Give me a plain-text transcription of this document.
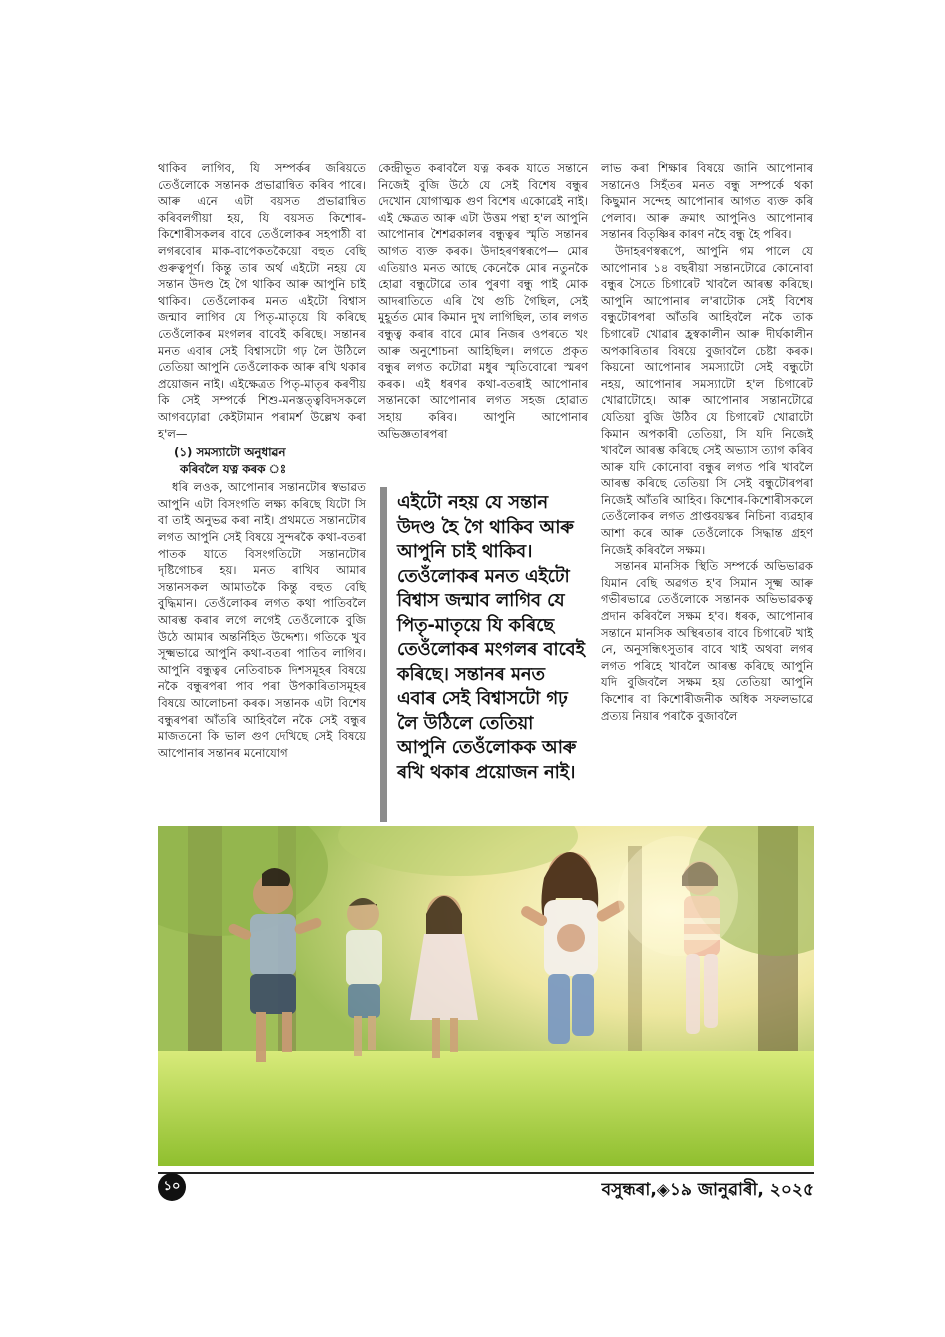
থাকিব লাগিব, যি সম্পৰ্কৰ জৰিয়তে তেওঁলোকে সন্তানক প্ৰভাৱান্বিত কৰিব পাৰে। আৰু এনে এটা বয়সত প্ৰভাৱান্বিত কৰিবলগীয়া হয়, যি বয়সত কিশোৰ-কিশোৰীসকলৰ বাবে তেওঁলোকৰ সহপাঠী বা লগৰবোৰ মাক-বাপেকতকৈয়ো বহুত বেছি গুৰুত্বপূৰ্ণ। কিন্তু তাৰ অৰ্থ এইটো নহয় যে সন্তান উদণ্ড হৈ গৈ থাকিব আৰু আপুনি চাই থাকিব। তেওঁলোকৰ মনত এইটো বিশ্বাস জন্মাব লাগিব যে পিতৃ-মাতৃয়ে যি কৰিছে তেওঁলোকৰ মংগলৰ বাবেই কৰিছে। সন্তানৰ মনত এবাৰ সেই বিশ্বাসটো গঢ় লৈ উঠিলে তেতিয়া আপুনি তেওঁলোকক আৰু ৰখি থকাৰ প্ৰয়োজন নাই। এইক্ষেত্ৰত পিতৃ-মাতৃৰ কৰণীয় কি সেই সম্পৰ্কে শিশু-মনস্তত্ত্ববিদসকলে আগবঢ়োৱা কেইটামান পৰামৰ্শ উল্লেখ কৰা হ'ল—

(১) সমস্যাটো অনুধাৱন
কৰিবলৈ যত্ন কৰক ঃ

ধৰি লওক, আপোনাৰ সন্তানটোৰ স্বভাৱত আপুনি এটা বিসংগতি লক্ষ্য কৰিছে যিটো সি বা তাই অনুভৱ কৰা নাই। প্ৰথমতে সন্তানটোৰ লগত আপুনি সেই বিষয়ে সুন্দৰকৈ কথা-বতৰা পাতক যাতে বিসংগতিটো সন্তানটোৰ দৃষ্টিগোচৰ হয়। মনত ৰাখিব আমাৰ সন্তানসকল আমাতকৈ কিন্তু বহুত বেছি বুদ্ধিমান। তেওঁলোকৰ লগত কথা পাতিবলৈ আৰম্ভ কৰাৰ লগে লগেই তেওঁলোকে বুজি উঠে আমাৰ অন্তৰ্নিহিত উদ্দেশ্য। গতিকে খুব সূক্ষ্মভাৱে আপুনি কথা-বতৰা পাতিব লাগিব। আপুনি বন্ধুত্বৰ নেতিবাচক দিশসমূহৰ বিষয়ে নকৈ বন্ধুৰপৰা পাব পৰা উপকাৰিতাসমূহৰ বিষয়ে আলোচনা কৰক। সন্তানক এটা বিশেষ বন্ধুৰপৰা আঁতৰি আহিবলৈ নকৈ সেই বন্ধুৰ মাজতনো কি ভাল গুণ দেখিছে সেই বিষয়ে আপোনাৰ সন্তানৰ মনোযোগ

কেন্দ্ৰীভূত কৰাবলৈ যত্ন কৰক যাতে সন্তানে নিজেই বুজি উঠে যে সেই বিশেষ বন্ধুৰ দেখোন যোগাত্মক গুণ বিশেষ একোৱেই নাই। এই ক্ষেত্ৰত আৰু এটা উত্তম পন্থা হ'ল আপুনি আপোনাৰ শৈশৱকালৰ বন্ধুত্বৰ স্মৃতি সন্তানৰ আগত ব্যক্ত কৰক। উদাহৰণস্বৰূপে— মোৰ এতিয়াও মনত আছে কেনেকৈ মোৰ নতুনকৈ হোৱা বন্ধুটোৱে তাৰ পুৰণা বন্ধু পাই মোক আদৰাতিতে এৰি থৈ গুচি গৈছিল, সেই মুহূৰ্তত মোৰ কিমান দুখ লাগিছিল, তাৰ লগত বন্ধুত্ব কৰাৰ বাবে মোৰ নিজৰ ওপৰতে খং আৰু অনুশোচনা আহিছিল। লগতে প্ৰকৃত বন্ধুৰ লগত কটোৱা মধুৰ স্মৃতিবোৰো স্মৰণ কৰক। এই ধৰণৰ কথা-বতৰাই আপোনাৰ সন্তানকো আপোনাৰ লগত সহজ হোৱাত সহায় কৰিব। আপুনি আপোনাৰ অভিজ্ঞতাৰপৰা

এইটো নহয় যে সন্তান উদণ্ড হৈ গৈ থাকিব আৰু আপুনি চাই থাকিব। তেওঁলোকৰ মনত এইটো বিশ্বাস জন্মাব লাগিব যে পিতৃ-মাতৃয়ে যি কৰিছে তেওঁলোকৰ মংগলৰ বাবেই কৰিছে। সন্তানৰ মনত এবাৰ সেই বিশ্বাসটো গঢ় লৈ উঠিলে তেতিয়া আপুনি তেওঁলোকক আৰু ৰখি থকাৰ প্ৰয়োজন নাই।

লাভ কৰা শিক্ষাৰ বিষয়ে জানি আপোনাৰ সন্তানেও সিহঁতৰ মনত বন্ধু সম্পৰ্কে থকা কিছুমান সন্দেহ আপোনাৰ আগত ব্যক্ত কৰি পেলাব। আৰু ক্ৰমাৎ আপুনিও আপোনাৰ সন্তানৰ বিতৃষ্ণিৰ কাৰণ নহৈ বন্ধু হৈ পৰিব।

উদাহৰণস্বৰূপে, আপুনি গম পালে যে আপোনাৰ ১৪ বছৰীয়া সন্তানটোৱে কোনোবা বন্ধুৰ সৈতে চিগাৰেট খাবলৈ আৰম্ভ কৰিছে। আপুনি আপোনাৰ ল'ৰাটোক সেই বিশেষ বন্ধুটোৰপৰা আঁতৰি আহিবলৈ নকৈ তাক চিগাৰেট খোৱাৰ হ্ৰস্বকালীন আৰু দীৰ্ঘকালীন অপকাৰিতাৰ বিষয়ে বুজাবলৈ চেষ্টা কৰক। কিয়নো আপোনাৰ সমস্যাটো সেই বন্ধুটো নহয়, আপোনাৰ সমস্যাটো হ'ল চিগাৰেট খোৱাটোহে। আৰু আপোনাৰ সন্তানটোৱে যেতিয়া বুজি উঠিব যে চিগাৰেট খোৱাটো কিমান অপকাৰী তেতিয়া, সি যদি নিজেই খাবলৈ আৰম্ভ কৰিছে সেই অভ্যাস ত্যাগ কৰিব আৰু যদি কোনোবা বন্ধুৰ লগত পৰি খাবলৈ আৰম্ভ কৰিছে তেতিয়া সি সেই বন্ধুটোৰপৰা নিজেই আঁতৰি আহিব। কিশোৰ-কিশোৰীসকলে তেওঁলোকৰ লগত প্ৰাপ্তবয়স্কৰ নিচিনা ব্যৱহাৰ আশা কৰে আৰু তেওঁলোকে সিদ্ধান্ত গ্ৰহণ নিজেই কৰিবলৈ সক্ষম।

সন্তানৰ মানসিক স্থিতি সম্পৰ্কে অভিভাৱক যিমান বেছি অৱগত হ'ব সিমান সূক্ষ্ম আৰু গভীৰভাৱে তেওঁলোকে সন্তানক অভিভাৱকত্ব প্ৰদান কৰিবলৈ সক্ষম হ'ব। ধৰক, আপোনাৰ সন্তানে মানসিক অস্থিৰতাৰ বাবে চিগাৰেট খাই নে, অনুসন্ধিৎসুতাৰ বাবে খাই অথবা লগৰ লগত পৰিহে খাবলৈ আৰম্ভ কৰিছে আপুনি যদি বুজিবলৈ সক্ষম হয় তেতিয়া আপুনি কিশোৰ বা কিশোৰীজনীক অধিক সফলভাৱে প্ৰত্যয় নিয়াৰ পৰাকৈ বুজাবলৈ

১০	বসুন্ধৰা,◈১৯ জানুৱাৰী, ২০২৫
